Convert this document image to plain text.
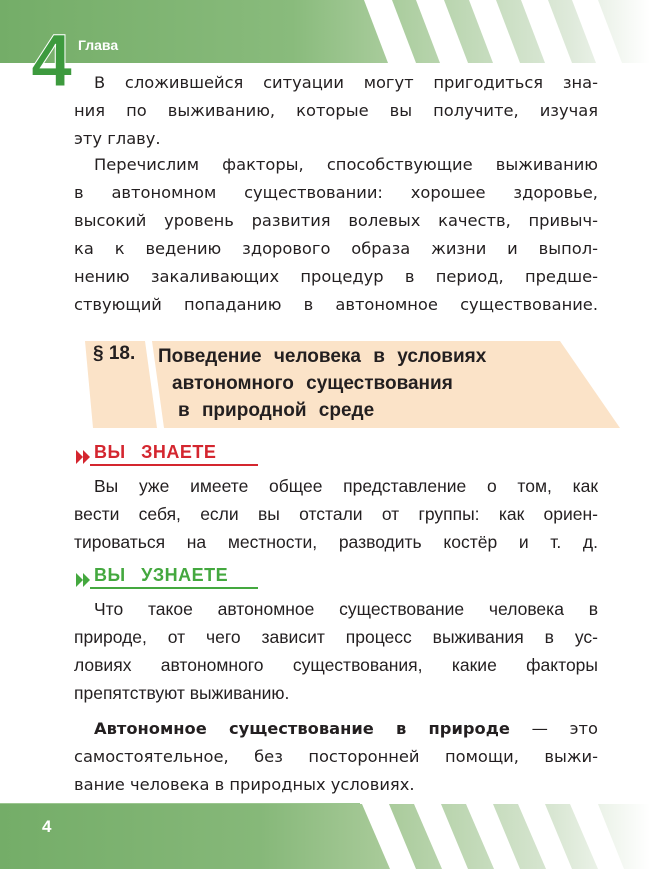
4 Глава
В сложившейся ситуации могут пригодиться зна-
ния по выживанию, которые вы получите, изучая
эту главу.
Перечислим факторы, способствующие выживанию
в автономном существовании: хорошее здоровье,
высокий уровень развития волевых качеств, привыч-
ка к ведению здорового образа жизни и выпол-
нению закаливающих процедур в период, предше-
ствующий попаданию в автономное существование.
§ 18. Поведение человека в условиях
автономного существования
в природной среде
ВЫ ЗНАЕТЕ
Вы уже имеете общее представление о том, как
вести себя, если вы отстали от группы: как ориен-
тироваться на местности, разводить костёр и т. д.
ВЫ УЗНАЕТЕ
Что такое автономное существование человека в
природе, от чего зависит процесс выживания в ус-
ловиях автономного существования, какие факторы
препятствуют выживанию.
Автономное существование в природе — это
самостоятельное, без посторонней помощи, выжи-
вание человека в природных условиях.
4
